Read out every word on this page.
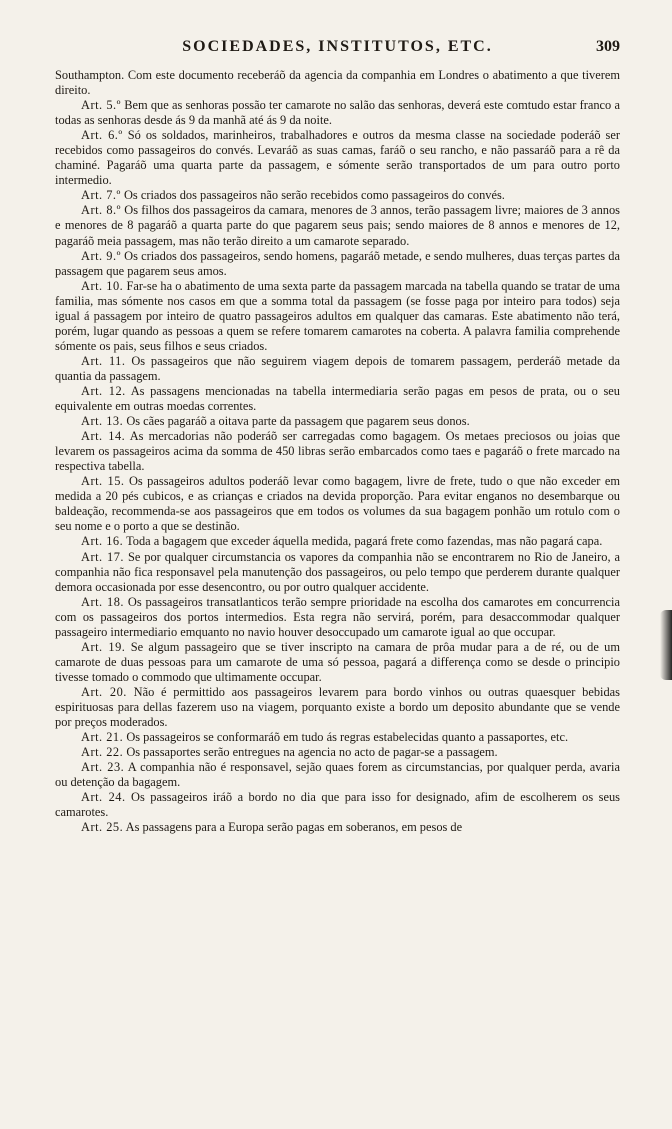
SOCIEDADES, INSTITUTOS, ETC.	309

Southampton. Com este documento receberáõ da agencia da companhia em Londres o abatimento a que tiverem direito.

Art. 5.º Bem que as senhoras possão ter camarote no salão das senhoras, deverá este comtudo estar franco a todas as senhoras desde ás 9 da manhã até ás 9 da noite.

Art. 6.º Só os soldados, marinheiros, trabalhadores e outros da mesma classe na sociedade poderáõ ser recebidos como passageiros do convés. Levaráõ as suas camas, faráõ o seu rancho, e não passaráõ para a rê da chaminé. Pagaráõ uma quarta parte da passagem, e sómente serão transportados de um para outro porto intermedio.

Art. 7.º Os criados dos passageiros não serão recebidos como passageiros do convés.

Art. 8.º Os filhos dos passageiros da camara, menores de 3 annos, terão passagem livre; maiores de 3 annos e menores de 8 pagaráõ a quarta parte do que pagarem seus pais; sendo maiores de 8 annos e menores de 12, pagaráõ meia passagem, mas não terão direito a um camarote separado.

Art. 9.º Os criados dos passageiros, sendo homens, pagaráõ metade, e sendo mulheres, duas terças partes da passagem que pagarem seus amos.

Art. 10. Far-se ha o abatimento de uma sexta parte da passagem marcada na tabella quando se tratar de uma familia, mas sómente nos casos em que a somma total da passagem (se fosse paga por inteiro para todos) seja igual á passagem por inteiro de quatro passageiros adultos em qualquer das camaras. Este abatimento não terá, porém, lugar quando as pessoas a quem se refere tomarem camarotes na coberta. A palavra familia comprehende sómente os pais, seus filhos e seus criados.

Art. 11. Os passageiros que não seguirem viagem depois de tomarem passagem, perderáõ metade da quantia da passagem.

Art. 12. As passagens mencionadas na tabella intermediaria serão pagas em pesos de prata, ou o seu equivalente em outras moedas correntes.

Art. 13. Os cães pagaráõ a oitava parte da passagem que pagarem seus donos.

Art. 14. As mercadorias não poderáõ ser carregadas como bagagem. Os metaes preciosos ou joias que levarem os passageiros acima da somma de 450 libras serão embarcados como taes e pagaráõ o frete marcado na respectiva tabella.

Art. 15. Os passageiros adultos poderáõ levar como bagagem, livre de frete, tudo o que não exceder em medida a 20 pés cubicos, e as crianças e criados na devida proporção. Para evitar enganos no desembarque ou baldeação, recommenda-se aos passageiros que em todos os volumes da sua bagagem ponhão um rotulo com o seu nome e o porto a que se destinão.

Art. 16. Toda a bagagem que exceder áquella medida, pagará frete como fazendas, mas não pagará capa.

Art. 17. Se por qualquer circumstancia os vapores da companhia não se encontrarem no Rio de Janeiro, a companhia não fica responsavel pela manutenção dos passageiros, ou pelo tempo que perderem durante qualquer demora occasionada por esse desencontro, ou por outro qualquer accidente.

Art. 18. Os passageiros transatlanticos terão sempre prioridade na escolha dos camarotes em concurrencia com os passageiros dos portos intermedios. Esta regra não servirá, porém, para desaccommodar qualquer passageiro intermediario emquanto no navio houver desoccupado um camarote igual ao que occupar.

Art. 19. Se algum passageiro que se tiver inscripto na camara de prôa mudar para a de ré, ou de um camarote de duas pessoas para um camarote de uma só pessoa, pagará a differença como se desde o principio tivesse tomado o commodo que ultimamente occupar.

Art. 20. Não é permittido aos passageiros levarem para bordo vinhos ou outras quaesquer bebidas espirituosas para dellas fazerem uso na viagem, porquanto existe a bordo um deposito abundante que se vende por preços moderados.

Art. 21. Os passageiros se conformaráõ em tudo ás regras estabelecidas quanto a passaportes, etc.

Art. 22. Os passaportes serão entregues na agencia no acto de pagar-se a passagem.

Art. 23. A companhia não é responsavel, sejão quaes forem as circumstancias, por qualquer perda, avaria ou detenção da bagagem.

Art. 24. Os passageiros iráõ a bordo no dia que para isso for designado, afim de escolherem os seus camarotes.

Art. 25. As passagens para a Europa serão pagas em soberanos, em pesos de
